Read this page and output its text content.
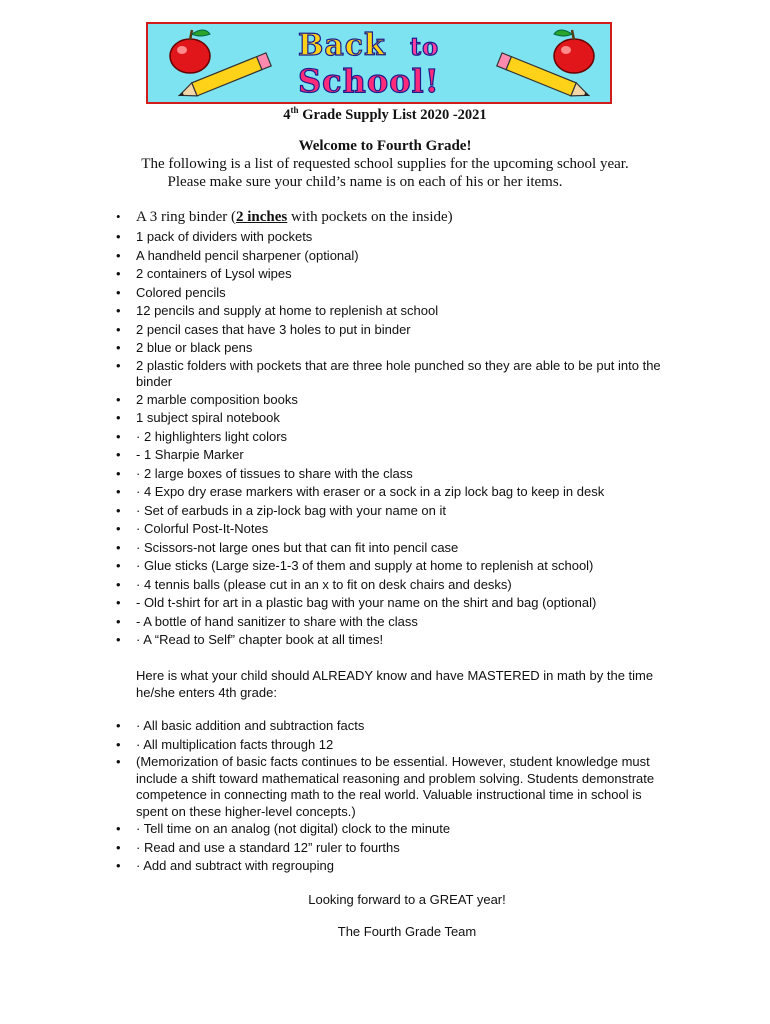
Back to
School!
4th Grade Supply List 2020 -2021
Welcome to Fourth Grade!
The following is a list of requested school supplies for the upcoming school year.
Please make sure your child’s name is on each of his or her items.
• A 3 ring binder (2 inches with pockets on the inside)
• 1 pack of dividers with pockets
• A handheld pencil sharpener (optional)
• 2 containers of Lysol wipes
• Colored pencils
• 12 pencils and supply at home to replenish at school
• 2 pencil cases that have 3 holes to put in binder
• 2 blue or black pens
• 2 plastic folders with pockets that are three hole punched so they are able to be put into the binder
• 2 marble composition books
• 1 subject spiral notebook
• · 2 highlighters light colors
• - 1 Sharpie Marker
• · 2 large boxes of tissues to share with the class
• · 4 Expo dry erase markers with eraser or a sock in a zip lock bag to keep in desk
• · Set of earbuds in a zip-lock bag with your name on it
• · Colorful Post-It-Notes
• · Scissors-not large ones but that can fit into pencil case
• · Glue sticks (Large size-1-3 of them and supply at home to replenish at school)
• · 4 tennis balls (please cut in an x to fit on desk chairs and desks)
• - Old t-shirt for art in a plastic bag with your name on the shirt and bag (optional)
• - A bottle of hand sanitizer to share with the class
• · A “Read to Self” chapter book at all times!
Here is what your child should ALREADY know and have MASTERED in math by the time he/she enters 4th grade:
• · All basic addition and subtraction facts
• · All multiplication facts through 12
• (Memorization of basic facts continues to be essential. However, student knowledge must include a shift toward mathematical reasoning and problem solving. Students demonstrate competence in connecting math to the real world. Valuable instructional time in school is spent on these higher-level concepts.)
• · Tell time on an analog (not digital) clock to the minute
• · Read and use a standard 12” ruler to fourths
• · Add and subtract with regrouping
Looking forward to a GREAT year!
The Fourth Grade Team
